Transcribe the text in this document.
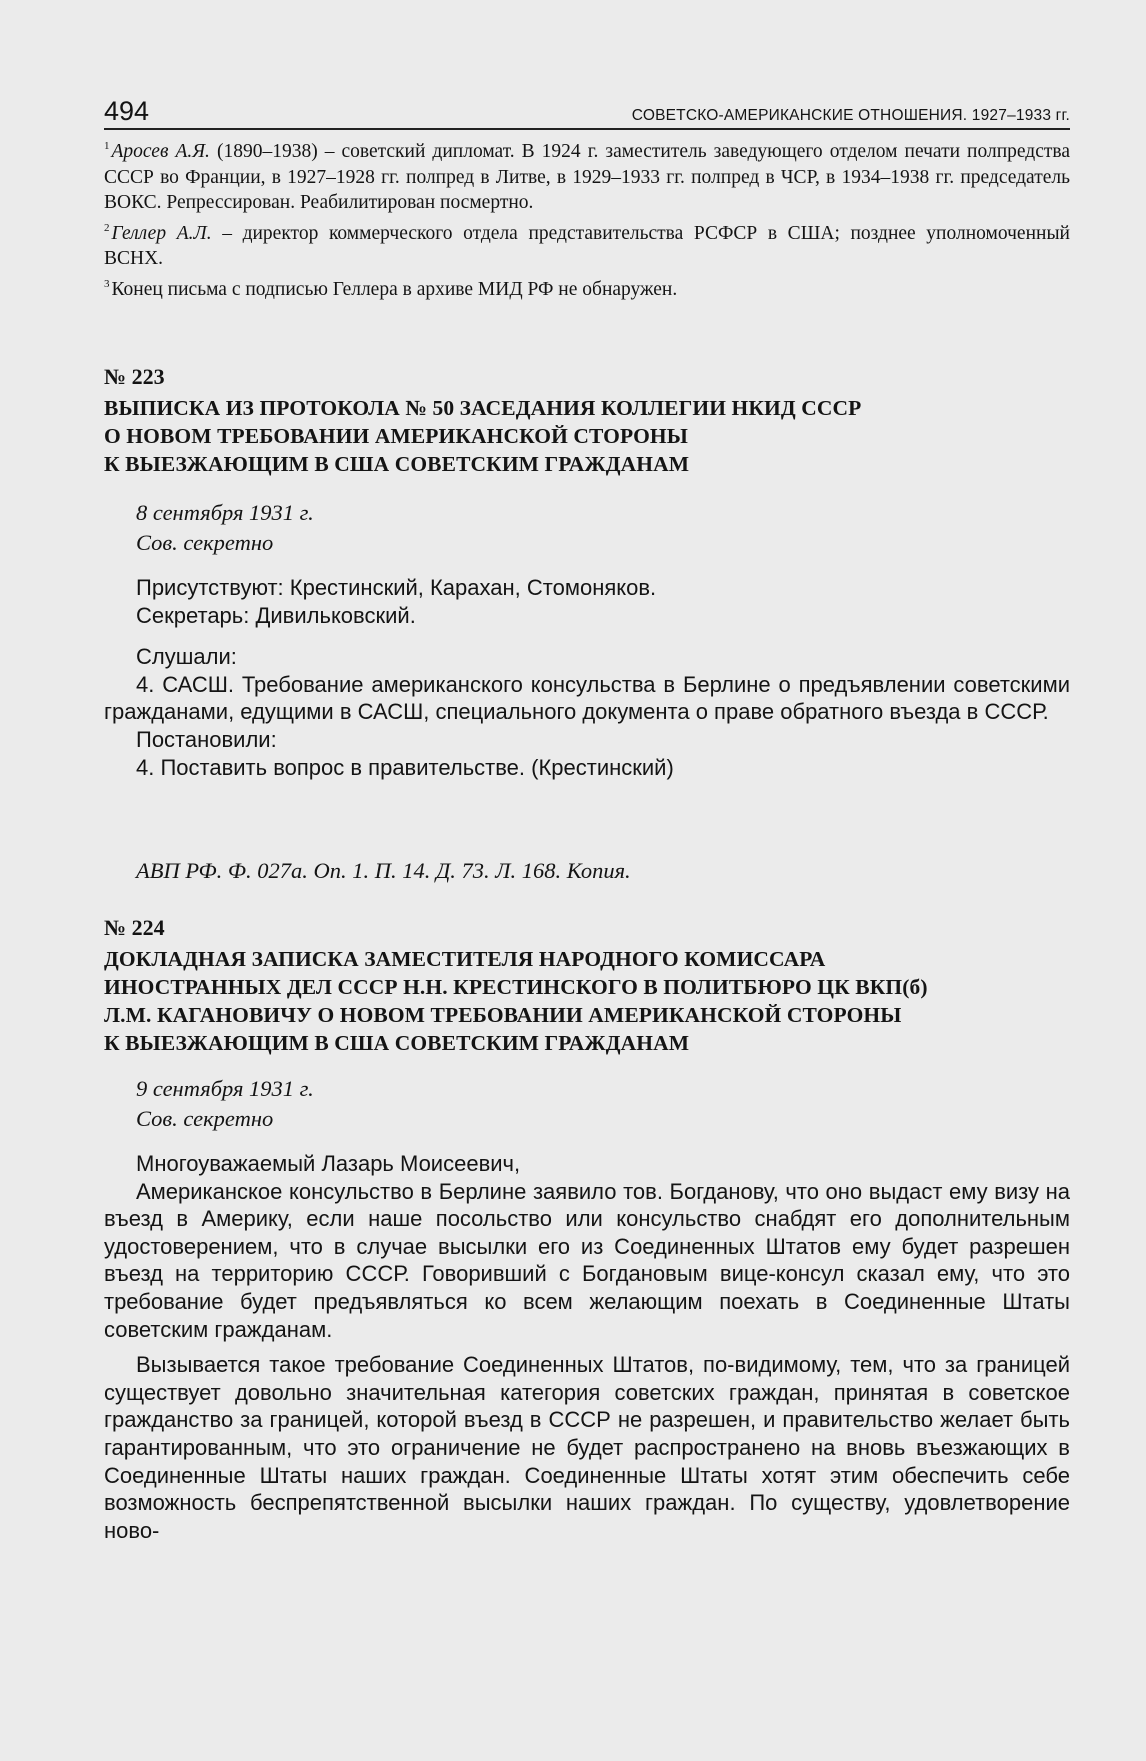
494	СОВЕТСКО-АМЕРИКАНСКИЕ ОТНОШЕНИЯ. 1927–1933 гг.

$^1$ Аросев А.Я. (1890–1938) – советский дипломат. В 1924 г. заместитель заведующего отделом печати полпредства СССР во Франции, в 1927–1928 гг. полпред в Литве, в 1929–1933 гг. полпред в ЧСР, в 1934–1938 гг. председатель ВОКС. Репрессирован. Реабилитирован посмертно.

$^2$ Геллер А.Л. – директор коммерческого отдела представительства РСФСР в США; позднее уполномоченный ВСНХ.

$^3$ Конец письма с подписью Геллера в архиве МИД РФ не обнаружен.

№ 223
ВЫПИСКА ИЗ ПРОТОКОЛА № 50 ЗАСЕДАНИЯ КОЛЛЕГИИ НКИД СССР
О НОВОМ ТРЕБОВАНИИ АМЕРИКАНСКОЙ СТОРОНЫ
К ВЫЕЗЖАЮЩИМ В США СОВЕТСКИМ ГРАЖДАНАМ
8 сентября 1931 г.
Сов. секретно

Присутствуют: Крестинский, Карахан, Стомоняков.

Секретарь: Дивильковский.

Слушали:

4. САСШ. Требование американского консульства в Берлине о предъявлении советскими гражданами, едущими в САСШ, специального документа о праве обратного въезда в СССР.

Постановили:

4. Поставить вопрос в правительстве. (Крестинский)

АВП РФ. Ф. 027а. Оп. 1. П. 14. Д. 73. Л. 168. Копия.
№ 224
ДОКЛАДНАЯ ЗАПИСКА ЗАМЕСТИТЕЛЯ НАРОДНОГО КОМИССАРА
ИНОСТРАННЫХ ДЕЛ СССР Н.Н. КРЕСТИНСКОГО В ПОЛИТБЮРО ЦК ВКП(б)
Л.М. КАГАНОВИЧУ О НОВОМ ТРЕБОВАНИИ АМЕРИКАНСКОЙ СТОРОНЫ
К ВЫЕЗЖАЮЩИМ В США СОВЕТСКИМ ГРАЖДАНАМ
9 сентября 1931 г.
Сов. секретно

Многоуважаемый Лазарь Моисеевич,

Американское консульство в Берлине заявило тов. Богданову, что оно выдаст ему визу на въезд в Америку, если наше посольство или консульство снабдят его дополнительным удостоверением, что в случае высылки его из Соединенных Штатов ему будет разрешен въезд на территорию СССР. Говоривший с Богдановым вице-консул сказал ему, что это требование будет предъявляться ко всем желающим поехать в Соединенные Штаты советским гражданам.

Вызывается такое требование Соединенных Штатов, по-видимому, тем, что за границей существует довольно значительная категория советских граждан, принятая в советское гражданство за границей, которой въезд в СССР не разрешен, и правительство желает быть гарантированным, что это ограничение не будет распространено на вновь въезжающих в Соединенные Штаты наших граждан. Соединенные Штаты хотят этим обеспечить себе возможность беспрепятственной высылки наших граждан. По существу, удовлетворение ново-
